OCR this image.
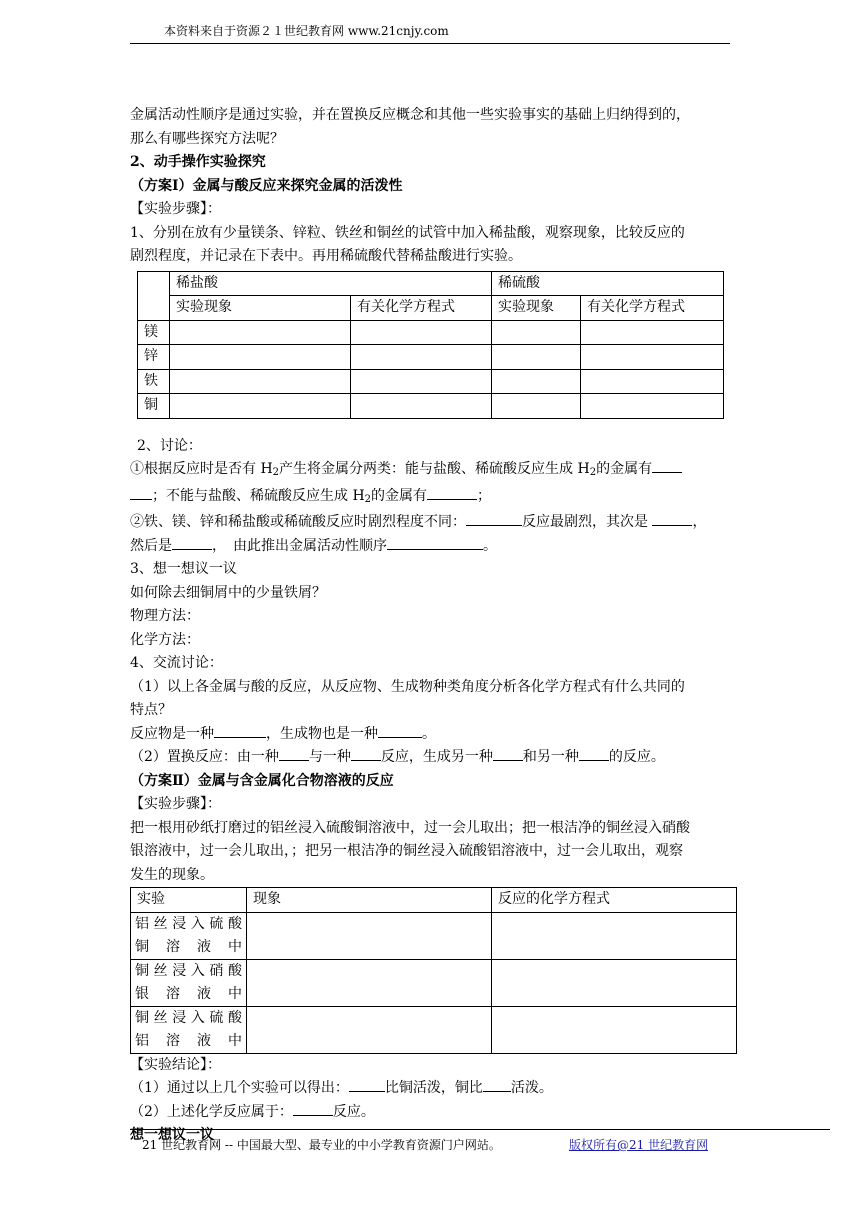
本资料来自于资源２１世纪教育网 www.21cnjy.com
金属活动性顺序是通过实验，并在置换反应概念和其他一些实验事实的基础上归纳得到的，
那么有哪些探究方法呢？
2、动手操作实验探究
（方案Ⅰ）金属与酸反应来探究金属的活泼性
【实验步骤】：
1、分别在放有少量镁条、锌粒、铁丝和铜丝的试管中加入稀盐酸，观察现象，比较反应的
剧烈程度，并记录在下表中。再用稀硫酸代替稀盐酸进行实验。
	稀盐酸		稀硫酸	
	实验现象	有关化学方程式	实验现象	有关化学方程式
镁				
锌				
铁				
铜				
2、讨论：
①根据反应时是否有 $H_2$产生将金属分两类：能与盐酸、稀硫酸反应生成 $H_2$的金属有
；不能与盐酸、稀硫酸反应生成 $H_2$的金属有	；
②铁、镁、锌和稀盐酸或稀硫酸反应时剧烈程度不同：	反应最剧烈，其次是	，
然后是	，　由此推出金属活动性顺序	。
3、想一想议一议
如何除去细铜屑中的少量铁屑？
物理方法：
化学方法：
4、交流讨论：
（1）以上各金属与酸的反应，从反应物、生成物种类角度分析各化学方程式有什么共同的
特点？
反应物是一种	，生成物也是一种	。
（2）置换反应：由一种 与一种 反应，生成另一种 和另一种 的反应。
（方案Ⅱ）金属与含金属化合物溶液的反应
【实验步骤】：
把一根用砂纸打磨过的铝丝浸入硫酸铜溶液中，过一会儿取出；把一根洁净的铜丝浸入硝酸
银溶液中，过一会儿取出，；把另一根洁净的铜丝浸入硫酸铝溶液中，过一会儿取出，观察
发生的现象。
实验	现象	反应的化学方程式
铝丝浸入硫酸
铜溶液中		
铜丝浸入硝酸
银溶液中		
铜丝浸入硫酸
铝溶液中		
【实验结论】：
（1）通过以上几个实验可以得出：	比铜活泼，铜比 活泼。
（2）上述化学反应属于：	反应。
想一想议一议
21 世纪教育网 -- 中国最大型、最专业的中小学教育资源门户网站。	版权所有@21 世纪教育网
